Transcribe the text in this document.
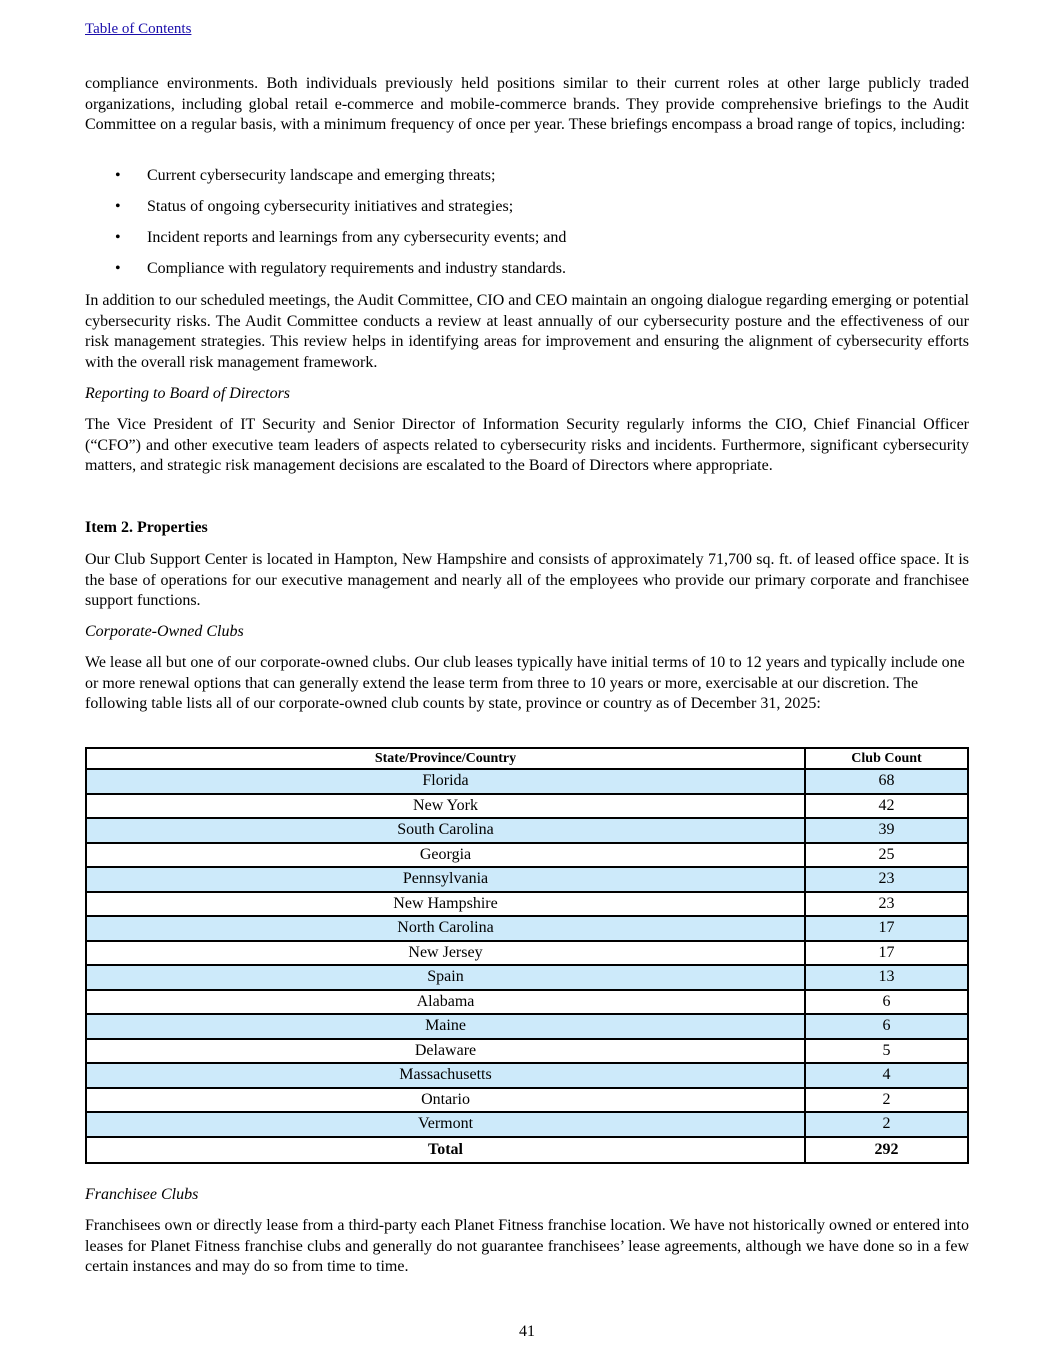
Table of Contents

compliance environments. Both individuals previously held positions similar to their current roles at other large publicly traded organizations, including global retail e-commerce and mobile-commerce brands. They provide comprehensive briefings to the Audit Committee on a regular basis, with a minimum frequency of once per year. These briefings encompass a broad range of topics, including:

• Current cybersecurity landscape and emerging threats;
• Status of ongoing cybersecurity initiatives and strategies;
• Incident reports and learnings from any cybersecurity events; and
• Compliance with regulatory requirements and industry standards.

In addition to our scheduled meetings, the Audit Committee, CIO and CEO maintain an ongoing dialogue regarding emerging or potential cybersecurity risks. The Audit Committee conducts a review at least annually of our cybersecurity posture and the effectiveness of our risk management strategies. This review helps in identifying areas for improvement and ensuring the alignment of cybersecurity efforts with the overall risk management framework.

Reporting to Board of Directors

The Vice President of IT Security and Senior Director of Information Security regularly informs the CIO, Chief Financial Officer (“CFO”) and other executive team leaders of aspects related to cybersecurity risks and incidents. Furthermore, significant cybersecurity matters, and strategic risk management decisions are escalated to the Board of Directors where appropriate.

Item 2. Properties

Our Club Support Center is located in Hampton, New Hampshire and consists of approximately 71,700 sq. ft. of leased office space. It is the base of operations for our executive management and nearly all of the employees who provide our primary corporate and franchisee support functions.

Corporate-Owned Clubs

We lease all but one of our corporate-owned clubs. Our club leases typically have initial terms of 10 to 12 years and typically include one or more renewal options that can generally extend the lease term from three to 10 years or more, exercisable at our discretion. The following table lists all of our corporate-owned club counts by state, province or country as of December 31, 2025:

State/Province/Country	Club Count
Florida	68
New York	42
South Carolina	39
Georgia	25
Pennsylvania	23
New Hampshire	23
North Carolina	17
New Jersey	17
Spain	13
Alabama	6
Maine	6
Delaware	5
Massachusetts	4
Ontario	2
Vermont	2
Total	292

Franchisee Clubs

Franchisees own or directly lease from a third-party each Planet Fitness franchise location. We have not historically owned or entered into leases for Planet Fitness franchise clubs and generally do not guarantee franchisees’ lease agreements, although we have done so in a few certain instances and may do so from time to time.

41
